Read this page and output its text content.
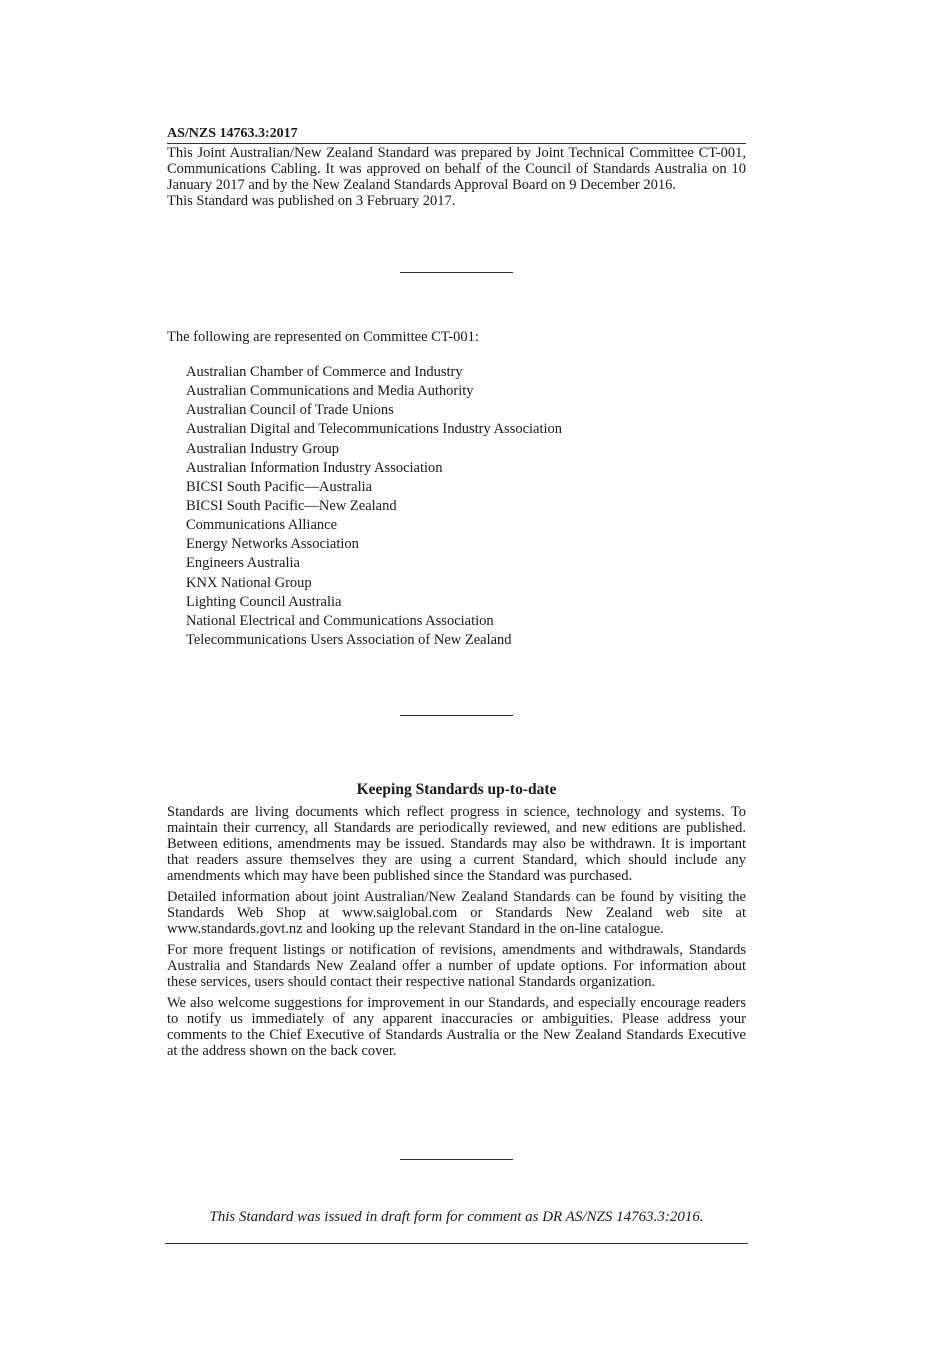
AS/NZS 14763.3:2017

This Joint Australian/New Zealand Standard was prepared by Joint Technical Committee CT-001, Communications Cabling. It was approved on behalf of the Council of Standards Australia on 10 January 2017 and by the New Zealand Standards Approval Board on 9 December 2016.

This Standard was published on 3 February 2017.

The following are represented on Committee CT-001:
Australian Chamber of Commerce and Industry
Australian Communications and Media Authority
Australian Council of Trade Unions
Australian Digital and Telecommunications Industry Association
Australian Industry Group
Australian Information Industry Association
BICSI South Pacific—Australia
BICSI South Pacific—New Zealand
Communications Alliance
Energy Networks Association
Engineers Australia
KNX National Group
Lighting Council Australia
National Electrical and Communications Association
Telecommunications Users Association of New Zealand
Keeping Standards up-to-date

Standards are living documents which reflect progress in science, technology and systems. To maintain their currency, all Standards are periodically reviewed, and new editions are published. Between editions, amendments may be issued. Standards may also be withdrawn. It is important that readers assure themselves they are using a current Standard, which should include any amendments which may have been published since the Standard was purchased.

Detailed information about joint Australian/New Zealand Standards can be found by visiting the Standards Web Shop at www.saiglobal.com or Standards New Zealand web site at www.standards.govt.nz and looking up the relevant Standard in the on-line catalogue.

For more frequent listings or notification of revisions, amendments and withdrawals, Standards Australia and Standards New Zealand offer a number of update options. For information about these services, users should contact their respective national Standards organization.

We also welcome suggestions for improvement in our Standards, and especially encourage readers to notify us immediately of any apparent inaccuracies or ambiguities. Please address your comments to the Chief Executive of Standards Australia or the New Zealand Standards Executive at the address shown on the back cover.

This Standard was issued in draft form for comment as DR AS/NZS 14763.3:2016.
